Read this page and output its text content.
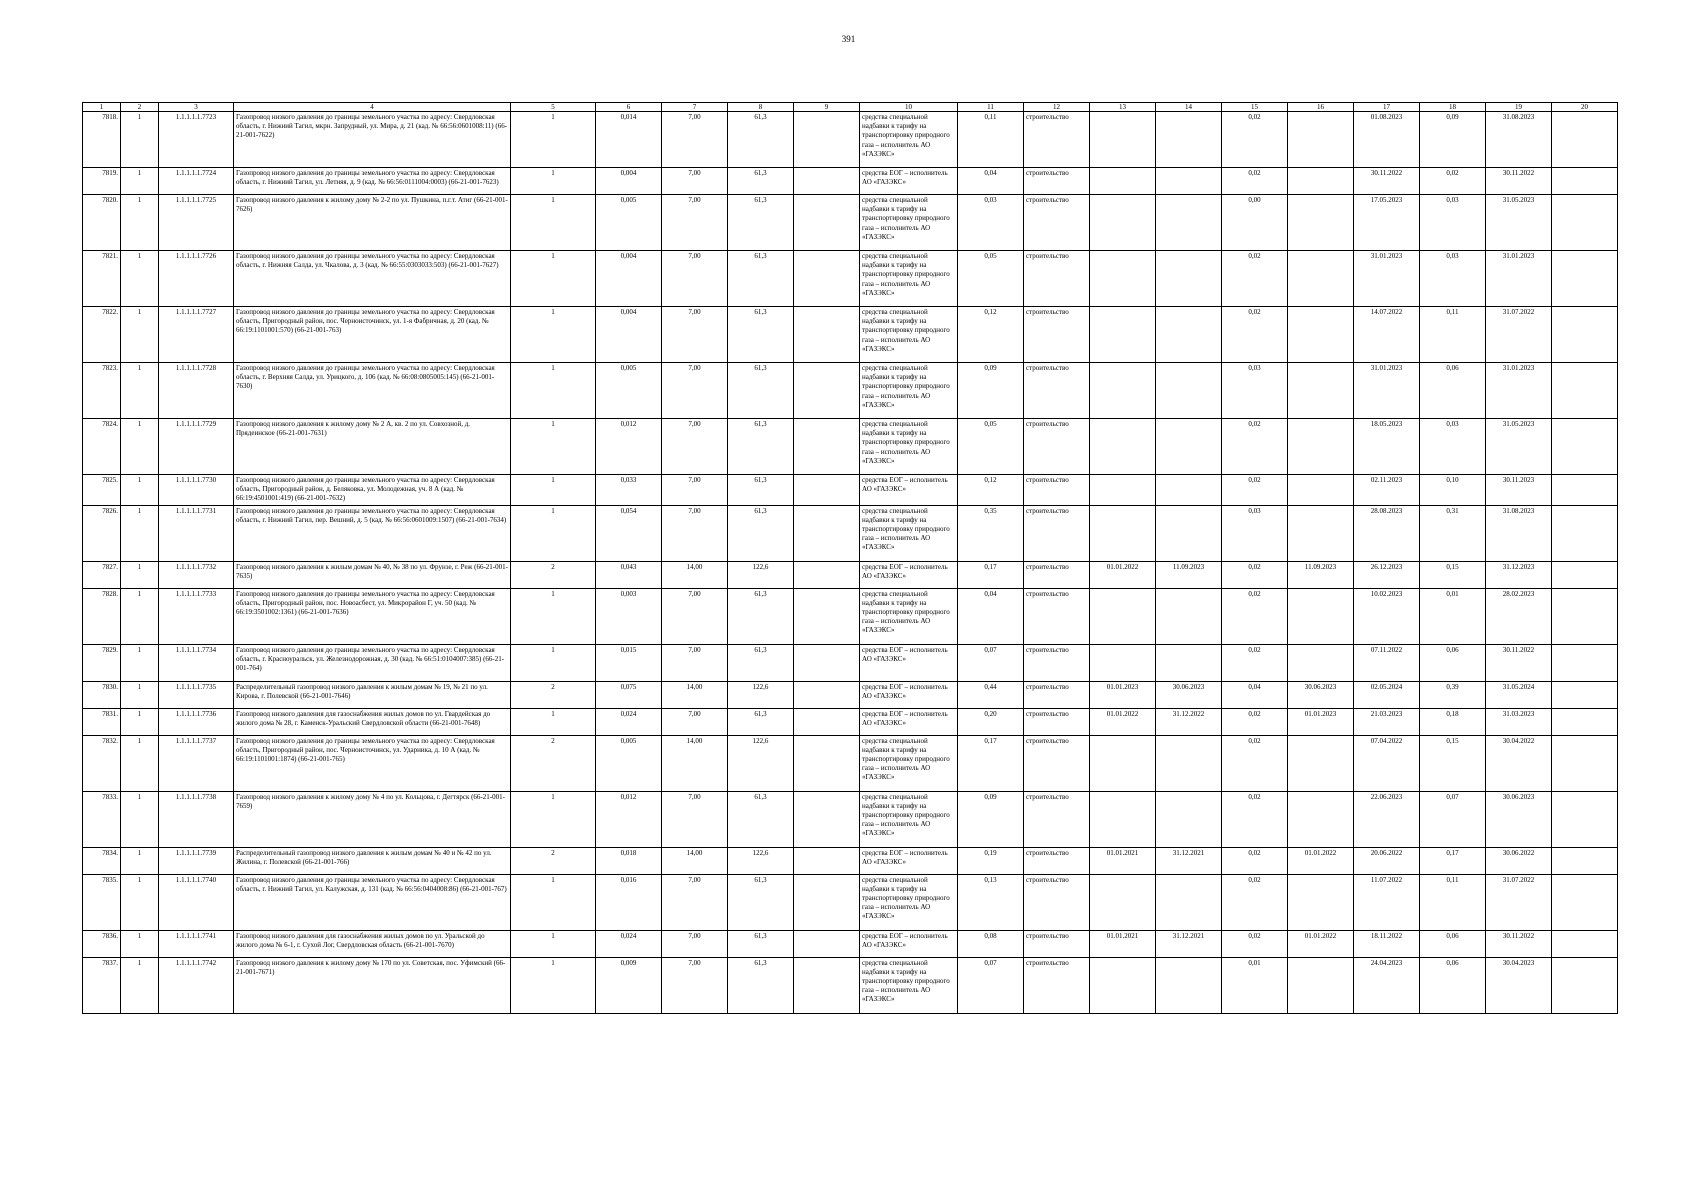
391
1	2	3	4	5	6	7	8	9	10	11	12	13	14	15	16	17	18	19	20
7818.	1	1.1.1.1.1.7723	Газопровод низкого давления до границы земельного участка по адресу: Свердловская область, г. Нижний Тагил, мкрн. Запрудный, ул. Мира, д. 21 (кад. № 66:56:0601008:11) (66-21-001-7622)	1	0,014	7,00	61,3		средства специальной надбавки к тарифу на транспортировку природного газа – исполнитель АО «ГАЗЭКС»	0,11	строительство			0,02		01.08.2023	0,09	31.08.2023	
7819.	1	1.1.1.1.1.7724	Газопровод низкого давления до границы земельного участка по адресу: Свердловская область, г. Нижний Тагил, ул. Летняя, д. 9 (кад. № 66:56:0111004:0003) (66-21-001-7623)	1	0,004	7,00	61,3		средства ЕОГ – исполнитель АО «ГАЗЭКС»	0,04	строительство			0,02		30.11.2022	0,02	30.11.2022	
7820.	1	1.1.1.1.1.7725	Газопровод низкого давления к жилому дому № 2-2 по ул. Пушкина, п.г.т. Атиг (66-21-001-7626)	1	0,005	7,00	61,3		средства специальной надбавки к тарифу на транспортировку природного газа – исполнитель АО «ГАЗЭКС»	0,03	строительство			0,00		17.05.2023	0,03	31.05.2023	
7821.	1	1.1.1.1.1.7726	Газопровод низкого давления до границы земельного участка по адресу: Свердловская область, г. Нижняя Салда, ул. Чкалова, д. 3 (кад. № 66:55:0303033:503) (66-21-001-7627)	1	0,004	7,00	61,3		средства специальной надбавки к тарифу на транспортировку природного газа – исполнитель АО «ГАЗЭКС»	0,05	строительство			0,02		31.01.2023	0,03	31.01.2023	
7822.	1	1.1.1.1.1.7727	Газопровод низкого давления до границы земельного участка по адресу: Свердловская область, Пригородный район, пос. Черноисточинск, ул. 1-я Фабричная, д. 20 (кад. № 66:19:1101001:570) (66-21-001-763)	1	0,004	7,00	61,3		средства специальной надбавки к тарифу на транспортировку природного газа – исполнитель АО «ГАЗЭКС»	0,12	строительство			0,02		14.07.2022	0,11	31.07.2022	
7823.	1	1.1.1.1.1.7728	Газопровод низкого давления до границы земельного участка по адресу: Свердловская область, г. Верхняя Салда, ул. Урицкого, д. 106 (кад. № 66:08:0805005:145) (66-21-001-7630)	1	0,005	7,00	61,3		средства специальной надбавки к тарифу на транспортировку природного газа – исполнитель АО «ГАЗЭКС»	0,09	строительство			0,03		31.01.2023	0,06	31.01.2023	
7824.	1	1.1.1.1.1.7729	Газопровод низкого давления к жилому дому № 2 А, кв. 2 по ул. Совхозной, д. Прядеинское (66-21-001-7631)	1	0,012	7,00	61,3		средства специальной надбавки к тарифу на транспортировку природного газа – исполнитель АО «ГАЗЭКС»	0,05	строительство			0,02		18.05.2023	0,03	31.05.2023	
7825.	1	1.1.1.1.1.7730	Газопровод низкого давления до границы земельного участка по адресу: Свердловская область, Пригородный район, д. Беляковка, ул. Молодежная, уч. 8 А (кад. № 66:19:4501001:419) (66-21-001-7632)	1	0,033	7,00	61,3		средства ЕОГ – исполнитель АО «ГАЗЭКС»	0,12	строительство			0,02		02.11.2023	0,10	30.11.2023	
7826.	1	1.1.1.1.1.7731	Газопровод низкого давления до границы земельного участка по адресу: Свердловская область, г. Нижний Тагил, пер. Вешний, д. 5 (кад. № 66:56:0601009:1507) (66-21-001-7634)	1	0,054	7,00	61,3		средства специальной надбавки к тарифу на транспортировку природного газа – исполнитель АО «ГАЗЭКС»	0,35	строительство			0,03		28.08.2023	0,31	31.08.2023	
7827.	1	1.1.1.1.1.7732	Газопровод низкого давления к жилым домам № 40, № 38 по ул. Фрунзе, г. Реж (66-21-001-7635)	2	0,043	14,00	122,6		средства ЕОГ – исполнитель АО «ГАЗЭКС»	0,17	строительство	01.01.2022	11.09.2023	0,02	11.09.2023	26.12.2023	0,15	31.12.2023	
7828.	1	1.1.1.1.1.7733	Газопровод низкого давления до границы земельного участка по адресу: Свердловская область, Пригородный район, пос. Новоасбест, ул. Микрорайон Г, уч. 50 (кад. № 66:19:3501002:1361) (66-21-001-7636)	1	0,003	7,00	61,3		средства специальной надбавки к тарифу на транспортировку природного газа – исполнитель АО «ГАЗЭКС»	0,04	строительство			0,02		10.02.2023	0,01	28.02.2023	
7829.	1	1.1.1.1.1.7734	Газопровод низкого давления до границы земельного участка по адресу: Свердловская область, г. Красноуральск, ул. Железнодорожная, д. 30 (кад. № 66:51:0104007:385) (66-21-001-764)	1	0,015	7,00	61,3		средства ЕОГ – исполнитель АО «ГАЗЭКС»	0,07	строительство			0,02		07.11.2022	0,06	30.11.2022	
7830.	1	1.1.1.1.1.7735	Распределительный газопровод низкого давления к жилым домам № 19, № 21 по ул. Кирова, г. Полевской (66-21-001-7646)	2	0,075	14,00	122,6		средства ЕОГ – исполнитель АО «ГАЗЭКС»	0,44	строительство	01.01.2023	30.06.2023	0,04	30.06.2023	02.05.2024	0,39	31.05.2024	
7831.	1	1.1.1.1.1.7736	Газопровод низкого давления для газоснабжения жилых домов по ул. Гвардейская до жилого дома № 28, г. Каменск-Уральский Свердловской области (66-21-001-7648)	1	0,024	7,00	61,3		средства ЕОГ – исполнитель АО «ГАЗЭКС»	0,20	строительство	01.01.2022	31.12.2022	0,02	01.01.2023	21.03.2023	0,18	31.03.2023	
7832.	1	1.1.1.1.1.7737	Газопровод низкого давления до границы земельного участка по адресу: Свердловская область, Пригородный район, пос. Черноисточинск, ул. Ударника, д. 10 А (кад. № 66:19:1101001:1874) (66-21-001-765)	2	0,005	14,00	122,6		средства специальной надбавки к тарифу на транспортировку природного газа – исполнитель АО «ГАЗЭКС»	0,17	строительство			0,02		07.04.2022	0,15	30.04.2022	
7833.	1	1.1.1.1.1.7738	Газопровод низкого давления к жилому дому № 4 по ул. Кольцова, г. Дегтярск (66-21-001-7659)	1	0,012	7,00	61,3		средства специальной надбавки к тарифу на транспортировку природного газа – исполнитель АО «ГАЗЭКС»	0,09	строительство			0,02		22.06.2023	0,07	30.06.2023	
7834.	1	1.1.1.1.1.7739	Распределительный газопровод низкого давления к жилым домам № 40 и № 42 по ул. Жилина, г. Полевской (66-21-001-766)	2	0,018	14,00	122,6		средства ЕОГ – исполнитель АО «ГАЗЭКС»	0,19	строительство	01.01.2021	31.12.2021	0,02	01.01.2022	20.06.2022	0,17	30.06.2022	
7835.	1	1.1.1.1.1.7740	Газопровод низкого давления до границы земельного участка по адресу: Свердловская область, г. Нижний Тагил, ул. Калужская, д. 131 (кад. № 66:56:0404008:86) (66-21-001-767)	1	0,016	7,00	61,3		средства специальной надбавки к тарифу на транспортировку природного газа – исполнитель АО «ГАЗЭКС»	0,13	строительство			0,02		11.07.2022	0,11	31.07.2022	
7836.	1	1.1.1.1.1.7741	Газопровод низкого давления для газоснабжения жилых домов по ул. Уральской до жилого дома № 6-1, г. Сухой Лог, Свердловская область (66-21-001-7670)	1	0,024	7,00	61,3		средства ЕОГ – исполнитель АО «ГАЗЭКС»	0,08	строительство	01.01.2021	31.12.2021	0,02	01.01.2022	18.11.2022	0,06	30.11.2022	
7837.	1	1.1.1.1.1.7742	Газопровод низкого давления к жилому дому № 170 по ул. Советская, пос. Уфимский (66-21-001-7671)	1	0,009	7,00	61,3		средства специальной надбавки к тарифу на транспортировку природного газа – исполнитель АО «ГАЗЭКС»	0,07	строительство			0,01		24.04.2023	0,06	30.04.2023	
